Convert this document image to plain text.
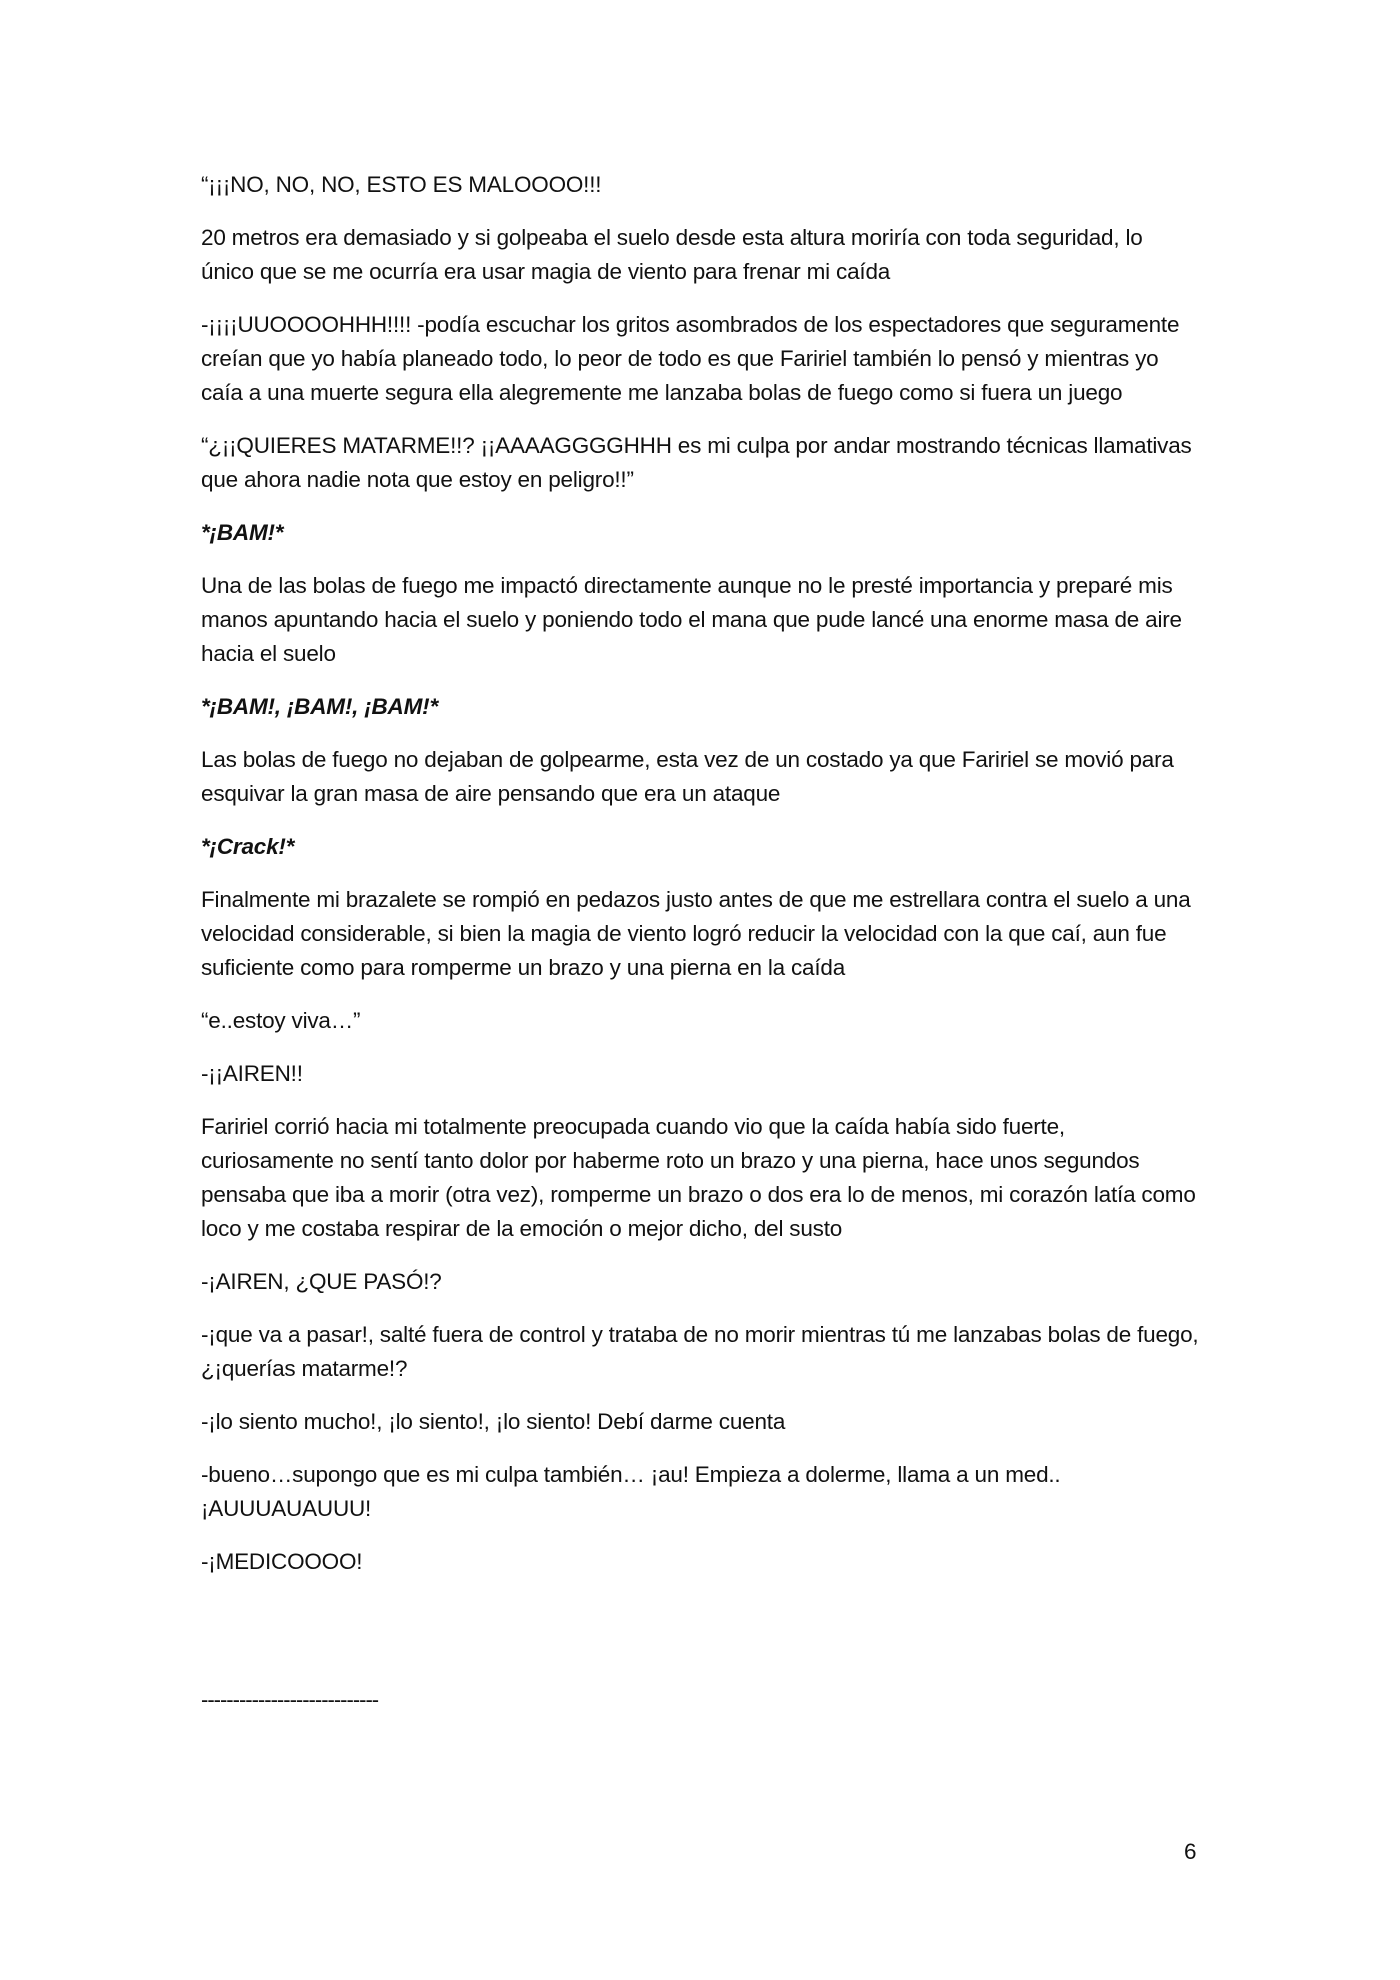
“¡¡¡NO, NO, NO, ESTO ES MALOOOO!!!

20 metros era demasiado y si golpeaba el suelo desde esta altura moriría con toda seguridad, lo único que se me ocurría era usar magia de viento para frenar mi caída

-¡¡¡¡UUOOOOHHH!!!! -podía escuchar los gritos asombrados de los espectadores que seguramente creían que yo había planeado todo, lo peor de todo es que Faririel también lo pensó y mientras yo caía a una muerte segura ella alegremente me lanzaba bolas de fuego como si fuera un juego

“¿¡¡QUIERES MATARME!!? ¡¡AAAAGGGGHHH es mi culpa por andar mostrando técnicas llamativas que ahora nadie nota que estoy en peligro!!”

*¡BAM!*

Una de las bolas de fuego me impactó directamente aunque no le presté importancia y preparé mis manos apuntando hacia el suelo y poniendo todo el mana que pude lancé una enorme masa de aire hacia el suelo

*¡BAM!, ¡BAM!, ¡BAM!*

Las bolas de fuego no dejaban de golpearme, esta vez de un costado ya que Faririel se movió para esquivar la gran masa de aire pensando que era un ataque

*¡Crack!*

Finalmente mi brazalete se rompió en pedazos justo antes de que me estrellara contra el suelo a una velocidad considerable, si bien la magia de viento logró reducir la velocidad con la que caí, aun fue suficiente como para romperme un brazo y una pierna en la caída

“e..estoy viva…”

-¡¡AIREN!!

Faririel corrió hacia mi totalmente preocupada cuando vio que la caída había sido fuerte, curiosamente no sentí tanto dolor por haberme roto un brazo y una pierna, hace unos segundos pensaba que iba a morir (otra vez), romperme un brazo o dos era lo de menos, mi corazón latía como loco y me costaba respirar de la emoción o mejor dicho, del susto

-¡AIREN, ¿QUE PASÓ!?

-¡que va a pasar!, salté fuera de control y trataba de no morir mientras tú me lanzabas bolas de fuego, ¿¡querías matarme!?

-¡lo siento mucho!, ¡lo siento!, ¡lo siento! Debí darme cuenta

-bueno…supongo que es mi culpa también… ¡au! Empieza a dolerme, llama a un med.. ¡AUUUAUAUUU!

-¡MEDICOOOO!

----------------------------
6
